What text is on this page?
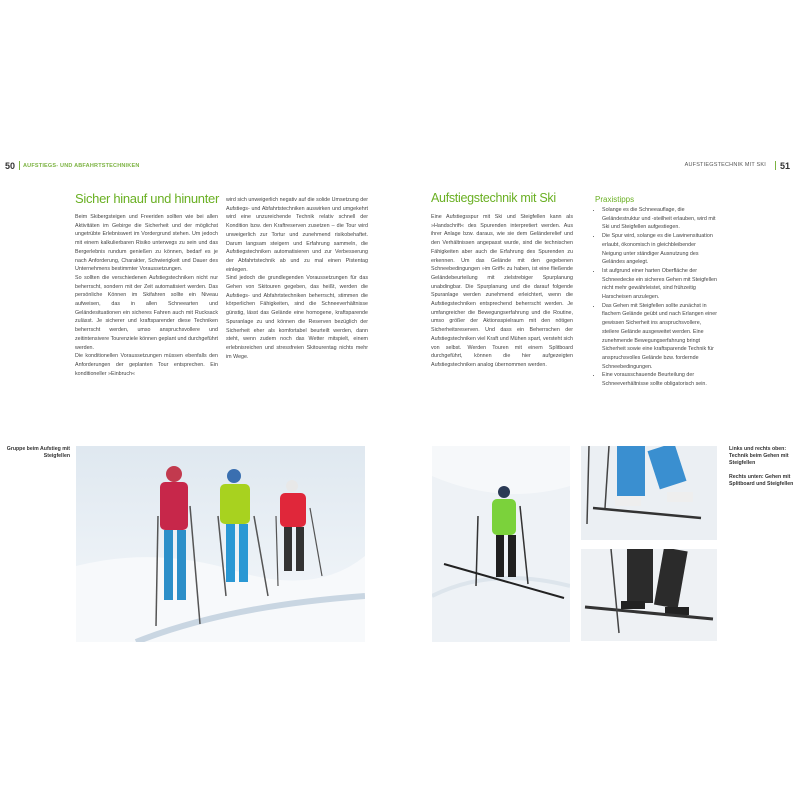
50 AUFSTIEGS- UND ABFAHRTSTECHNIKEN	AUFSTIEGSTECHNIK MIT SKI 51
Sicher hinauf und hinunter

Beim Skibergsteigen und Freeriden sollten wie bei allen Aktivitäten im Gebirge die Sicherheit und der möglichst ungetrübte Erlebniswert im Vordergrund stehen. Um jedoch mit einem kalkulierbaren Risiko unterwegs zu sein und das Bergerlebnis rundum genießen zu können, bedarf es je nach Anforderung, Charakter, Schwierigkeit und Dauer des Unternehmens bestimmter Voraussetzungen.

So sollten die verschiedenen Aufstiegstechniken nicht nur beherrscht, sondern mit der Zeit automatisiert werden. Das persönliche Können im Skifahren sollte ein Niveau aufweisen, das in allen Schneearten und Geländesituationen ein sicheres Fahren auch mit Rucksack zulässt. Je sicherer und kraftsparender diese Techniken beherrscht werden, umso anspruchsvollere und zeitintensivere Tourenziele können geplant und durchgeführt werden.

Die konditionellen Voraussetzungen müssen ebenfalls den Anforderungen der geplanten Tour entsprechen. Ein konditioneller »Einbruch«

wird sich unweigerlich negativ auf die solide Umsetzung der Aufstiegs- und Abfahrtstechniken auswirken und umgekehrt wird eine unzureichende Technik relativ schnell der Kondition bzw. den Kraftreserven zusetzen – die Tour wird unweigerlich zur Tortur und zunehmend risikobehaftet. Darum langsam steigern und Erfahrung sammeln, die Aufstiegstechniken automatisieren und zur Verbesserung der Abfahrtstechnik ab und zu mal einen Pistentag einlegen.

Sind jedoch die grundlegenden Voraussetzungen für das Gehen von Skitouren gegeben, das heißt, werden die Aufstiegs- und Abfahrtstechniken beherrscht, stimmen die körperlichen Fähigkeiten, sind die Schneeverhältnisse günstig, lässt das Gelände eine homogene, kraftsparende Spuranlage zu und können die Reserven bezüglich der Sicherheit eher als komfortabel beurteilt werden, dann steht, wenn zudem noch das Wetter mitspielt, einem erlebnisreichen und stressfreien Skitourentag nichts mehr im Wege.

Gruppe beim Aufstieg mit Steigfellen
Aufstiegstechnik mit Ski

Eine Aufstiegsspur mit Ski und Steigfellen kann als »Handschrift« des Spurenden interpretiert werden. Aus ihrer Anlage bzw. daraus, wie sie dem Geländerelief und den Verhältnissen angepasst wurde, sind die technischen Fähigkeiten aber auch die Erfahrung des Spurenden zu erkennen. Um das Gelände mit den gegebenen Schneebedingungen »im Griff« zu haben, ist eine fließende Geländebeurteilung mit zielstrebiger Spurplanung unabdingbar. Die Spurplanung und die darauf folgende Spuranlage werden zunehmend erleichtert, wenn die Aufstiegstechniken entsprechend beherrscht werden. Je umfangreicher die Bewegungserfahrung und die Routine, umso größer der Aktionsspielraum mit den nötigen Sicherheitsreserven. Und dass ein Beherrschen der Aufstiegstechniken viel Kraft und Mühen spart, versteht sich von selbst. Werden Touren mit einem Splitboard durchgeführt, können die hier aufgezeigten Aufstiegstechniken analog übernommen werden.

Praxistipps
• Solange es die Schneeauflage, die Geländestruktur und -steilheit erlauben, wird mit Ski und Steigfellen aufgestiegen.
• Die Spur wird, solange es die Lawinensituation erlaubt, ökonomisch in gleichbleibender Neigung unter ständiger Ausnutzung des Geländes angelegt.
• Ist aufgrund einer harten Oberfläche der Schneedecke ein sicheres Gehen mit Steigfellen nicht mehr gewährleistet, sind frühzeitig Harscheisen anzulegen.
• Das Gehen mit Steigfellen sollte zunächst in flachem Gelände geübt und nach Erlangen einer gewissen Sicherheit ins anspruchsvollere, steilere Gelände ausgeweitet werden. Eine zunehmende Bewegungserfahrung bringt Sicherheit sowie eine kraftsparende Technik für anspruchsvolles Gelände bzw. fordernde Schneebedingungen.
• Eine vorausschauende Beurteilung der Schneeverhältnisse sollte obligatorisch sein.
Links und rechts oben: Technik beim Gehen mit Steigfellen
Rechts unten: Gehen mit Splitboard und Steigfellen
